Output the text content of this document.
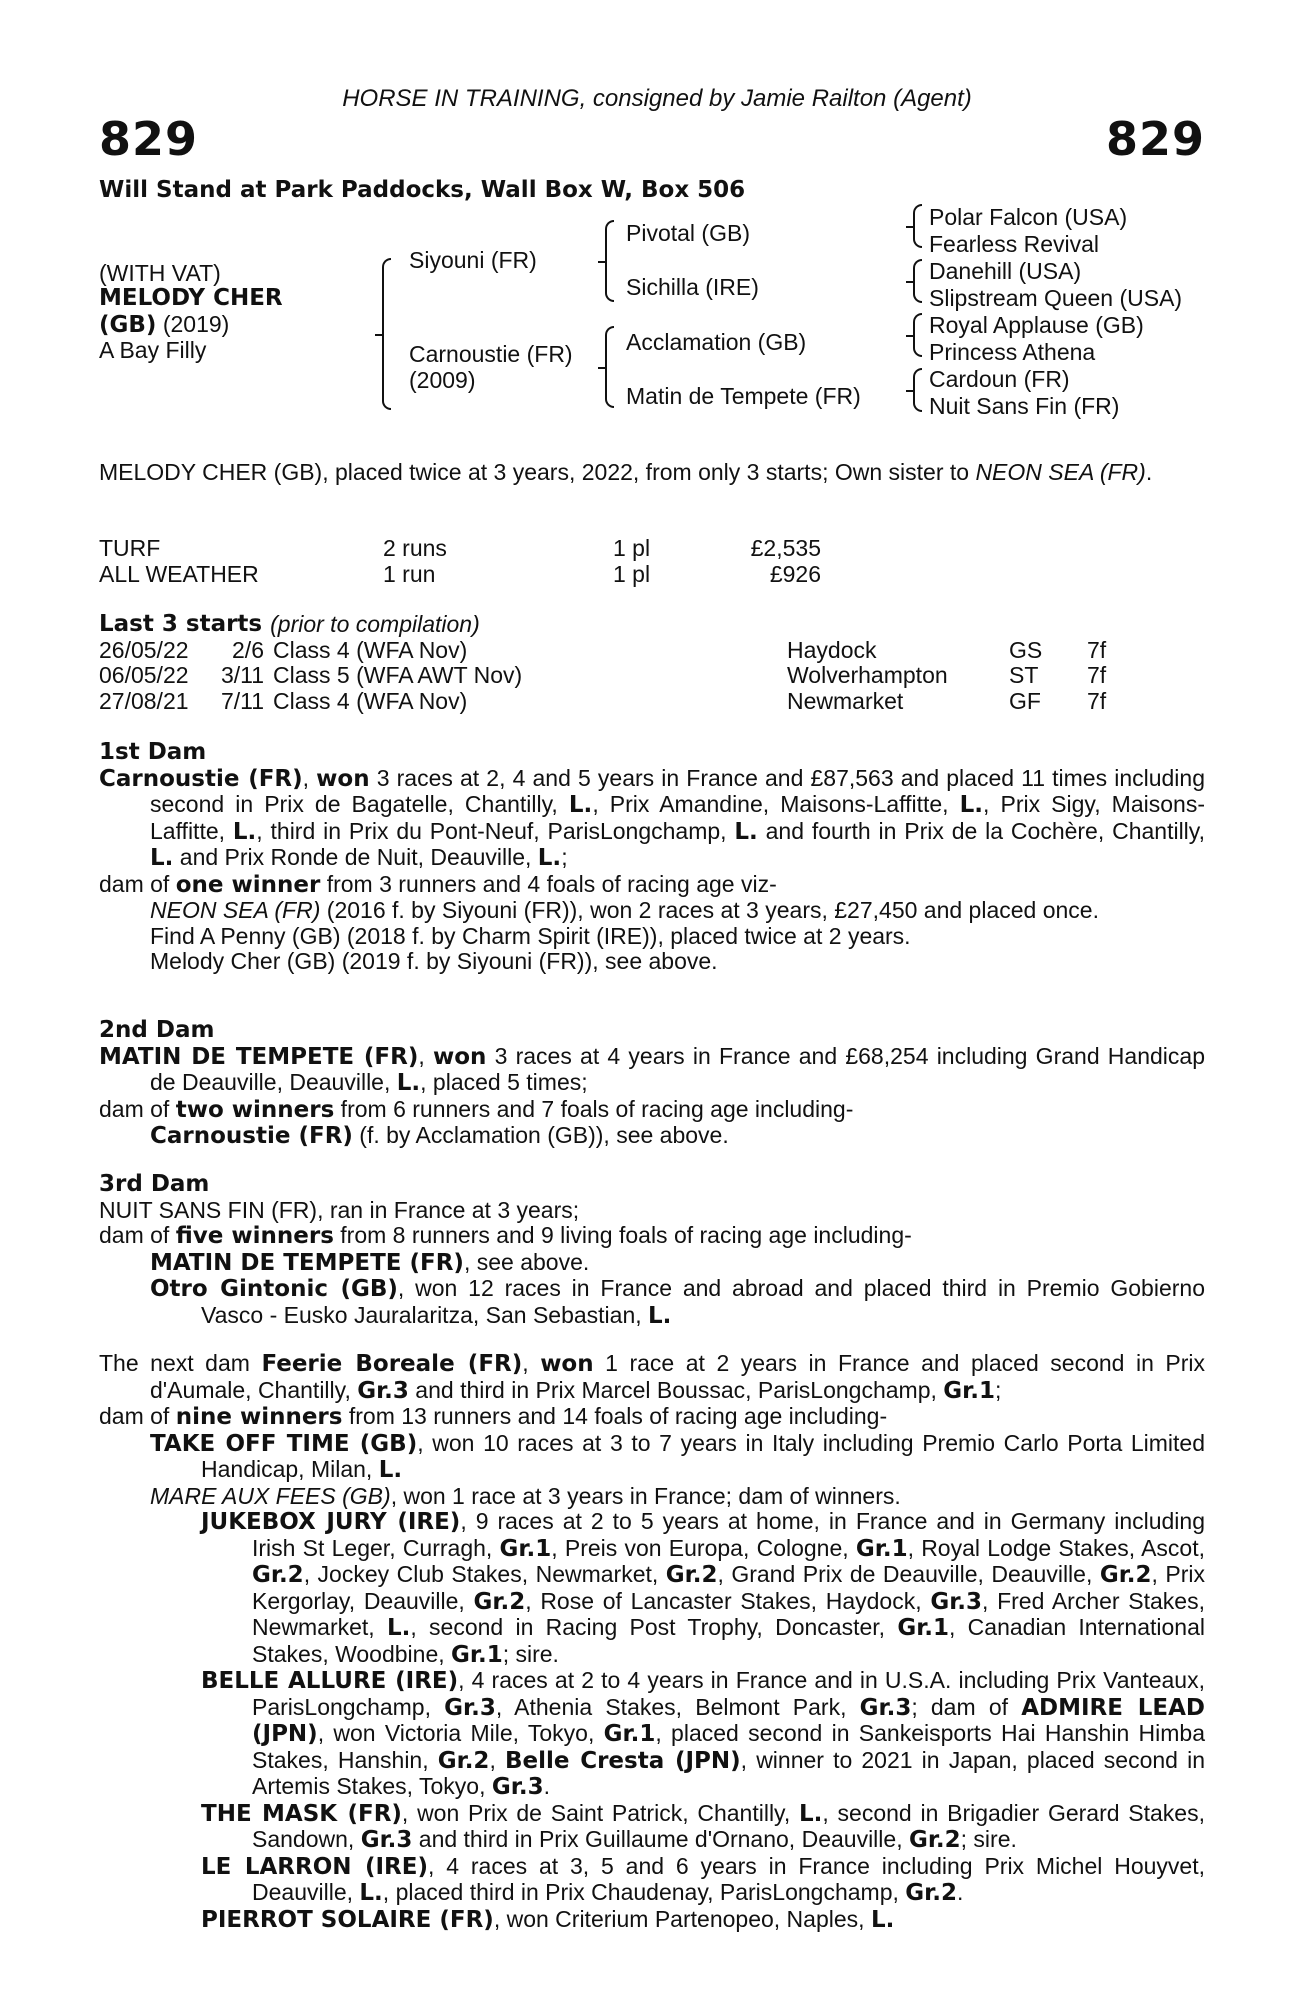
HORSE IN TRAINING, consigned by Jamie Railton (Agent)
829	829
Will Stand at Park Paddocks, Wall Box W, Box 506
(WITH VAT)
MELODY CHER
(GB) (2019)
A Bay Filly
Siyouni (FR)
Carnoustie (FR)
(2009)
Pivotal (GB)
Sichilla (IRE)
Acclamation (GB)
Matin de Tempete (FR)
Polar Falcon (USA)
Fearless Revival
Danehill (USA)
Slipstream Queen (USA)
Royal Applause (GB)
Princess Athena
Cardoun (FR)
Nuit Sans Fin (FR)
MELODY CHER (GB), placed twice at 3 years, 2022, from only 3 starts; Own sister to NEON SEA (FR).
TURF	2 runs	1 pl	£2,535
ALL WEATHER	1 run	1 pl	£926
Last 3 starts (prior to compilation)
26/05/22	2/6 Class 4 (WFA Nov)	Haydock	GS	7f
06/05/22	3/11 Class 5 (WFA AWT Nov)	Wolverhampton	ST	7f
27/08/21	7/11 Class 4 (WFA Nov)	Newmarket	GF	7f
1st Dam
Carnoustie (FR), won 3 races at 2, 4 and 5 years in France and £87,563 and placed 11 times including second in Prix de Bagatelle, Chantilly, L., Prix Amandine, Maisons-Laffitte, L., Prix Sigy, Maisons-Laffitte, L., third in Prix du Pont-Neuf, ParisLongchamp, L. and fourth in Prix de la Cochère, Chantilly, L. and Prix Ronde de Nuit, Deauville, L.;
dam of one winner from 3 runners and 4 foals of racing age viz-
NEON SEA (FR) (2016 f. by Siyouni (FR)), won 2 races at 3 years, £27,450 and placed once.
Find A Penny (GB) (2018 f. by Charm Spirit (IRE)), placed twice at 2 years.
Melody Cher (GB) (2019 f. by Siyouni (FR)), see above.
2nd Dam
MATIN DE TEMPETE (FR), won 3 races at 4 years in France and £68,254 including Grand Handicap de Deauville, Deauville, L., placed 5 times;
dam of two winners from 6 runners and 7 foals of racing age including-
Carnoustie (FR) (f. by Acclamation (GB)), see above.
3rd Dam
NUIT SANS FIN (FR), ran in France at 3 years;
dam of five winners from 8 runners and 9 living foals of racing age including-
MATIN DE TEMPETE (FR), see above.
Otro Gintonic (GB), won 12 races in France and abroad and placed third in Premio Gobierno Vasco - Eusko Jauralaritza, San Sebastian, L.
The next dam Feerie Boreale (FR), won 1 race at 2 years in France and placed second in Prix d'Aumale, Chantilly, Gr.3 and third in Prix Marcel Boussac, ParisLongchamp, Gr.1;
dam of nine winners from 13 runners and 14 foals of racing age including-
TAKE OFF TIME (GB), won 10 races at 3 to 7 years in Italy including Premio Carlo Porta Limited Handicap, Milan, L.
MARE AUX FEES (GB), won 1 race at 3 years in France; dam of winners.
JUKEBOX JURY (IRE), 9 races at 2 to 5 years at home, in France and in Germany including Irish St Leger, Curragh, Gr.1, Preis von Europa, Cologne, Gr.1, Royal Lodge Stakes, Ascot, Gr.2, Jockey Club Stakes, Newmarket, Gr.2, Grand Prix de Deauville, Deauville, Gr.2, Prix Kergorlay, Deauville, Gr.2, Rose of Lancaster Stakes, Haydock, Gr.3, Fred Archer Stakes, Newmarket, L., second in Racing Post Trophy, Doncaster, Gr.1, Canadian International Stakes, Woodbine, Gr.1; sire.
BELLE ALLURE (IRE), 4 races at 2 to 4 years in France and in U.S.A. including Prix Vanteaux, ParisLongchamp, Gr.3, Athenia Stakes, Belmont Park, Gr.3; dam of ADMIRE LEAD (JPN), won Victoria Mile, Tokyo, Gr.1, placed second in Sankeisports Hai Hanshin Himba Stakes, Hanshin, Gr.2, Belle Cresta (JPN), winner to 2021 in Japan, placed second in Artemis Stakes, Tokyo, Gr.3.
THE MASK (FR), won Prix de Saint Patrick, Chantilly, L., second in Brigadier Gerard Stakes, Sandown, Gr.3 and third in Prix Guillaume d'Ornano, Deauville, Gr.2; sire.
LE LARRON (IRE), 4 races at 3, 5 and 6 years in France including Prix Michel Houyvet, Deauville, L., placed third in Prix Chaudenay, ParisLongchamp, Gr.2.
PIERROT SOLAIRE (FR), won Criterium Partenopeo, Naples, L.
